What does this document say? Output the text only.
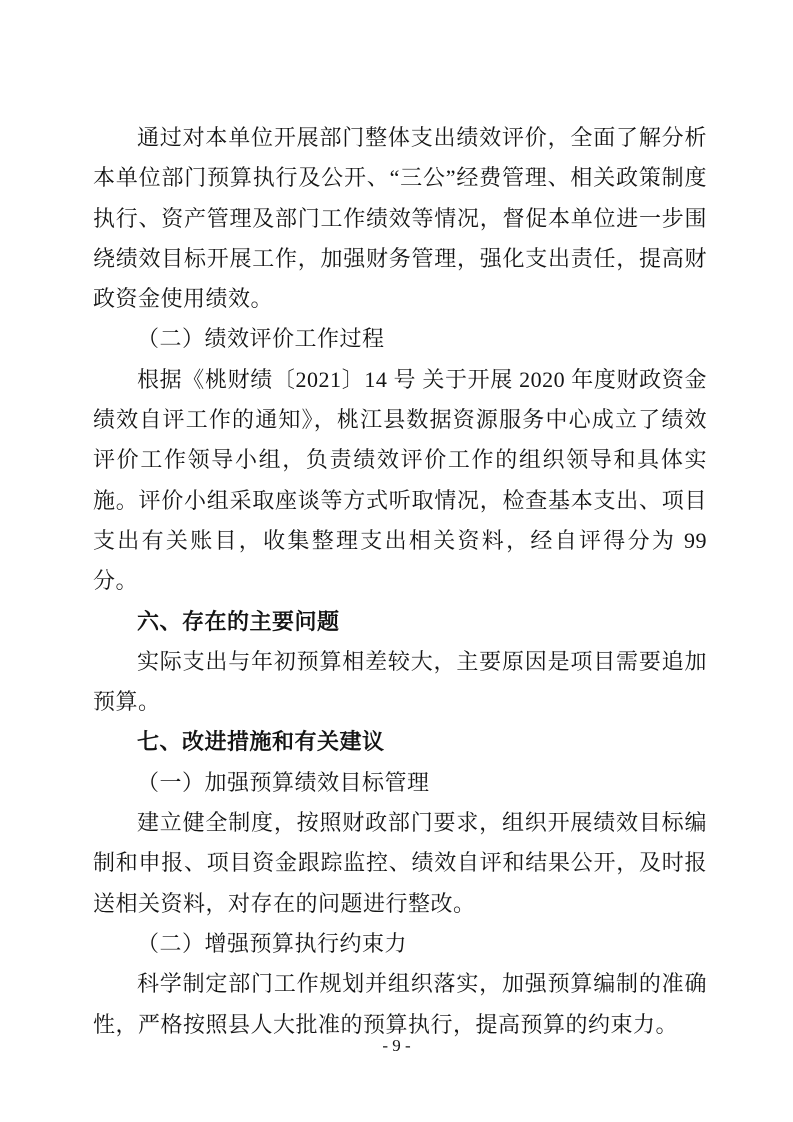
通过对本单位开展部门整体支出绩效评价，全面了解分析本单位部门预算执行及公开、“三公”经费管理、相关政策制度执行、资产管理及部门工作绩效等情况，督促本单位进一步围绕绩效目标开展工作，加强财务管理，强化支出责任，提高财政资金使用绩效。

（二）绩效评价工作过程

根据《桃财绩〔2021〕14 号 关于开展 2020 年度财政资金绩效自评工作的通知》，桃江县数据资源服务中心成立了绩效评价工作领导小组，负责绩效评价工作的组织领导和具体实施。评价小组采取座谈等方式听取情况，检查基本支出、项目支出有关账目，收集整理支出相关资料，经自评得分为 99 分。

六、存在的主要问题

实际支出与年初预算相差较大，主要原因是项目需要追加预算。

七、改进措施和有关建议

（一）加强预算绩效目标管理

建立健全制度，按照财政部门要求，组织开展绩效目标编制和申报、项目资金跟踪监控、绩效自评和结果公开，及时报送相关资料，对存在的问题进行整改。

（二）增强预算执行约束力

科学制定部门工作规划并组织落实，加强预算编制的准确性，严格按照县人大批准的预算执行，提高预算的约束力。

- 9 -
